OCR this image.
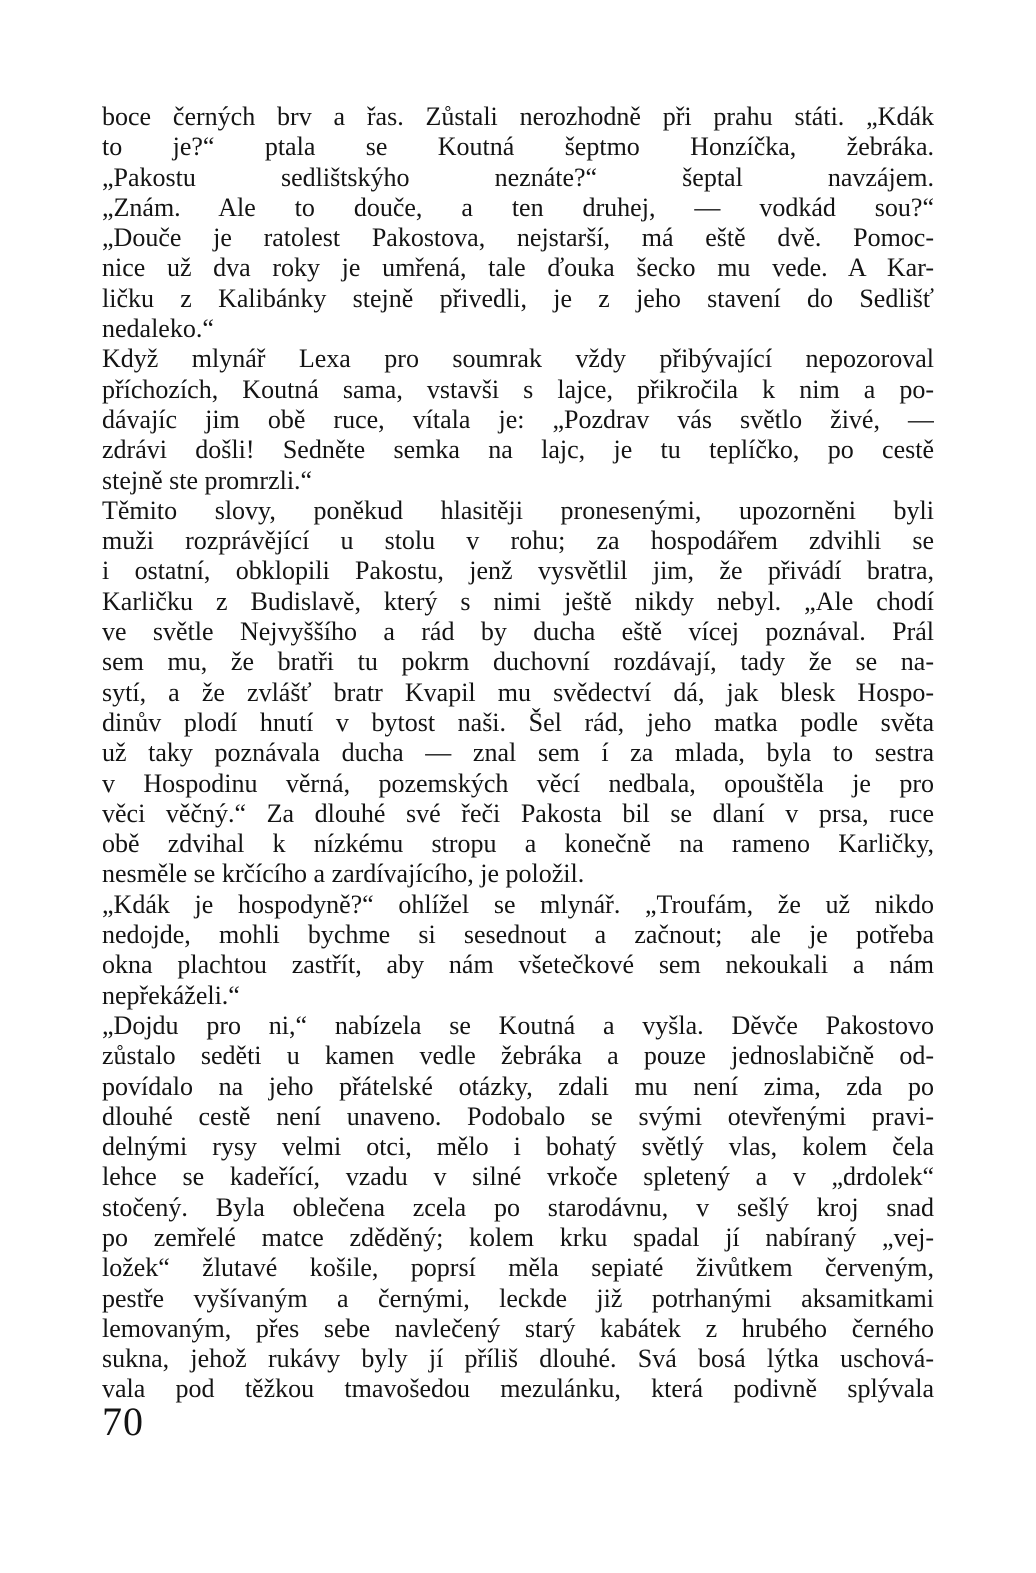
boce černých brv a řas. Zůstali nerozhodně při prahu státi. „Kdák
to je?“ ptala se Koutná šeptmo Honzíčka, žebráka.
„Pakostu sedlištskýho neznáte?“ šeptal navzájem.
„Znám. Ale to douče, a ten druhej, — vodkád sou?“
„Douče je ratolest Pakostova, nejstarší, má eště dvě. Pomoc-
nice už dva roky je umřená, tale ďouka šecko mu vede. A Kar-
ličku z Kalibánky stejně přivedli, je z jeho stavení do Sedlišť
nedaleko.“
Když mlynář Lexa pro soumrak vždy přibývající nepozoroval
příchozích, Koutná sama, vstavši s lajce, přikročila k nim a po-
dávajíc jim obě ruce, vítala je: „Pozdrav vás světlo živé, —
zdrávi došli! Sedněte semka na lajc, je tu teplíčko, po cestě
stejně ste promrzli.“
Těmito slovy, poněkud hlasitěji pronesenými, upozorněni byli
muži rozprávějící u stolu v rohu; za hospodářem zdvihli se
i ostatní, obklopili Pakostu, jenž vysvětlil jim, že přivádí bratra,
Karličku z Budislavě, který s nimi ještě nikdy nebyl. „Ale chodí
ve světle Nejvyššího a rád by ducha eště vícej poznával. Prál
sem mu, že bratři tu pokrm duchovní rozdávají, tady že se na-
sytí, a že zvlášť bratr Kvapil mu svědectví dá, jak blesk Hospo-
dinův plodí hnutí v bytost naši. Šel rád, jeho matka podle světa
už taky poznávala ducha — znal sem í za mlada, byla to sestra
v Hospodinu věrná, pozemských věcí nedbala, opouštěla je pro
věci věčný.“ Za dlouhé své řeči Pakosta bil se dlaní v prsa, ruce
obě zdvihal k nízkému stropu a konečně na rameno Karličky,
nesměle se krčícího a zardívajícího, je položil.
„Kdák je hospodyně?“ ohlížel se mlynář. „Troufám, že už nikdo
nedojde, mohli bychme si sesednout a začnout; ale je potřeba
okna plachtou zastřít, aby nám všetečkové sem nekoukali a nám
nepřekáželi.“
„Dojdu pro ni,“ nabízela se Koutná a vyšla. Děvče Pakostovo
zůstalo seděti u kamen vedle žebráka a pouze jednoslabičně od-
povídalo na jeho přátelské otázky, zdali mu není zima, zda po
dlouhé cestě není unaveno. Podobalo se svými otevřenými pravi-
delnými rysy velmi otci, mělo i bohatý světlý vlas, kolem čela
lehce se kadeřící, vzadu v silné vrkoče spletený a v „drdolek“
stočený. Byla oblečena zcela po starodávnu, v sešlý kroj snad
po zemřelé matce zděděný; kolem krku spadal jí nabíraný „vej-
ložek“ žlutavé košile, poprsí měla sepiaté živůtkem červeným,
pestře vyšívaným a černými, leckde již potrhanými aksamitkami
lemovaným, přes sebe navlečený starý kabátek z hrubého černého
sukna, jehož rukávy byly jí příliš dlouhé. Svá bosá lýtka uschová-
vala pod těžkou tmavošedou mezulánku, která podivně splývala
70
